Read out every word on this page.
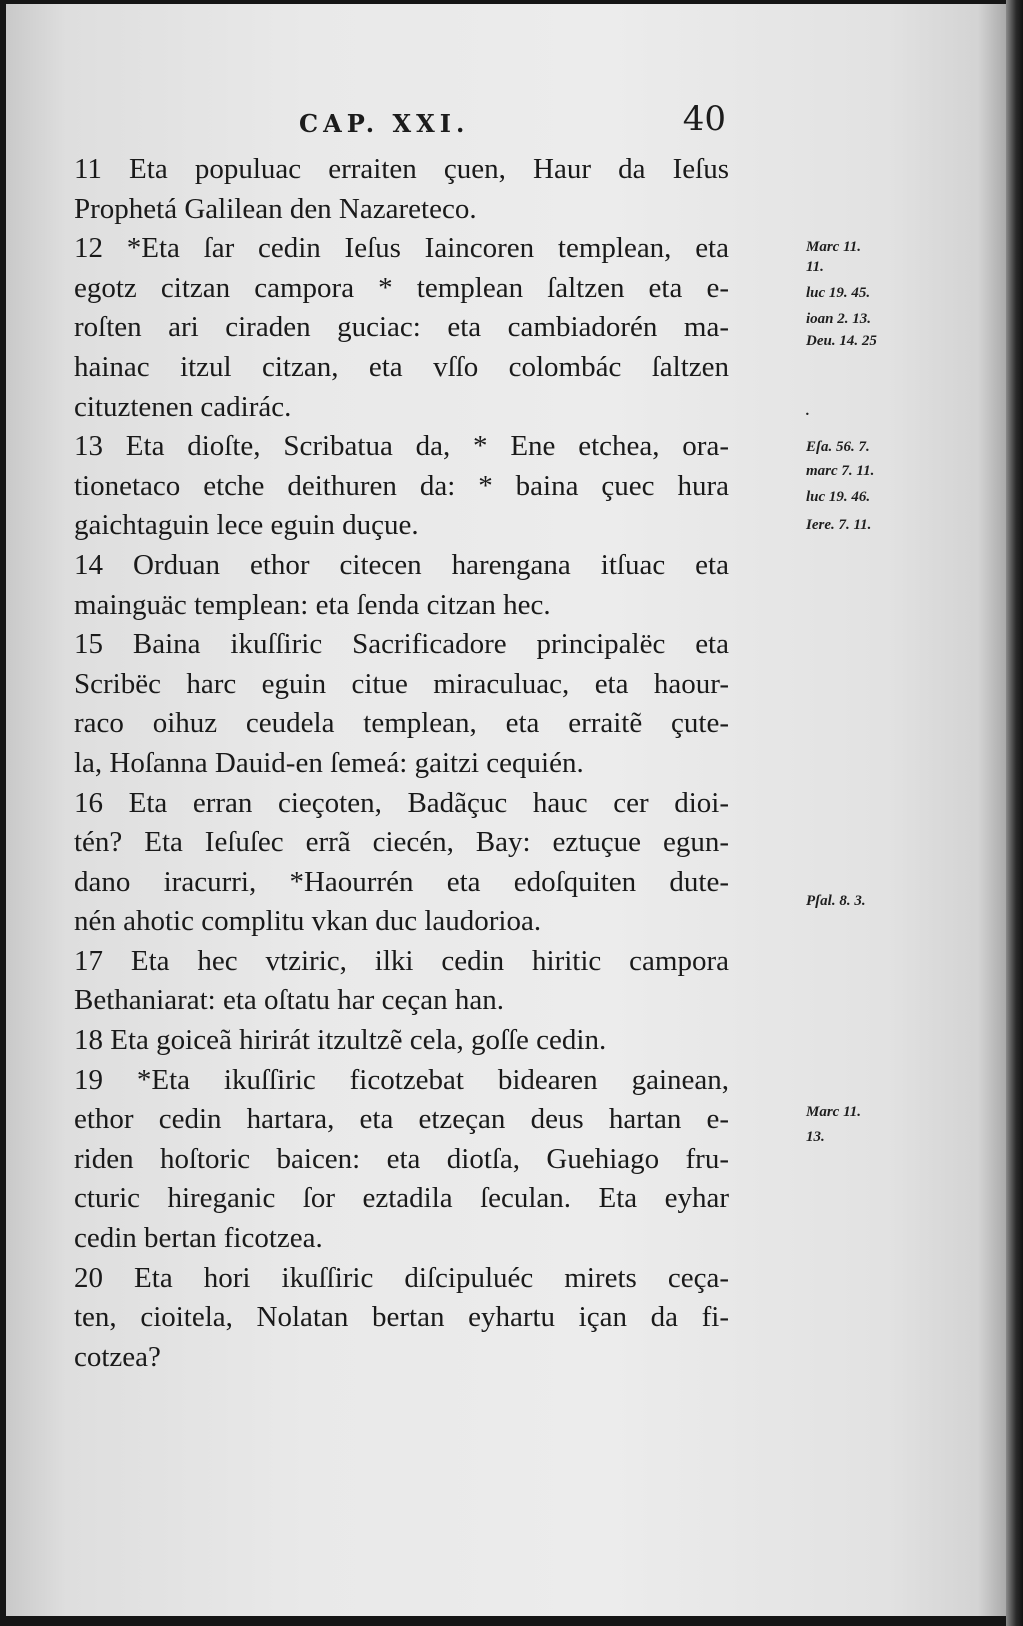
CAP. XXI.	40
11 Eta populuac erraiten çuen, Haur da Ieſus
Prophetá Galilean den Nazareteco.
12 *Eta ſar cedin Ieſus Iaincoren templean, eta
egotz citzan campora * templean ſaltzen eta e-
roſten ari ciraden guciac: eta cambiadorén ma-
hainac itzul citzan, eta vſſo colombác ſaltzen
cituztenen cadirác.
13 Eta dioſte, Scribatua da, * Ene etchea, ora-
tionetaco etche deithuren da: * baina çuec hura
gaichtaguin lece eguin duçue.
14 Orduan ethor citecen harengana itſuac eta
mainguäc templean: eta ſenda citzan hec.
15 Baina ikuſſiric Sacrificadore principalëc eta
Scribëc harc eguin citue miraculuac, eta haour-
raco oihuz ceudela templean, eta erraitẽ çute-
la, Hoſanna Dauid-en ſemeá: gaitzi cequién.
16 Eta erran cieçoten, Badãçuc hauc cer dioi-
tén? Eta Ieſuſec errã ciecén, Bay: eztuçue egun-
dano iracurri, *Haourrén eta edoſquiten dute-
nén ahotic complitu vkan duc laudorioa.
17 Eta hec vtziric, ilki cedin hiritic campora
Bethaniarat: eta oſtatu har ceçan han.
18 Eta goiceã hirirát itzultzẽ cela, goſſe cedin.
19 *Eta ikuſſiric ficotzebat bidearen gainean,
ethor cedin hartara, eta etzeçan deus hartan e-
riden hoſtoric baicen: eta diotſa, Guehiago fru-
cturic hireganic ſor eztadila ſeculan. Eta eyhar
cedin bertan ficotzea.
20 Eta hori ikuſſiric diſcipuluéc mirets ceça-
ten, cioitela, Nolatan bertan eyhartu içan da fi-
cotzea?
Marc 11.
11.
luc 19. 45.
ioan 2. 13.
Deu. 14. 25
.
Eſa. 56. 7.
marc 7. 11.
luc 19. 46.
Iere. 7. 11.
Pſal. 8. 3.
Marc 11.
13.
